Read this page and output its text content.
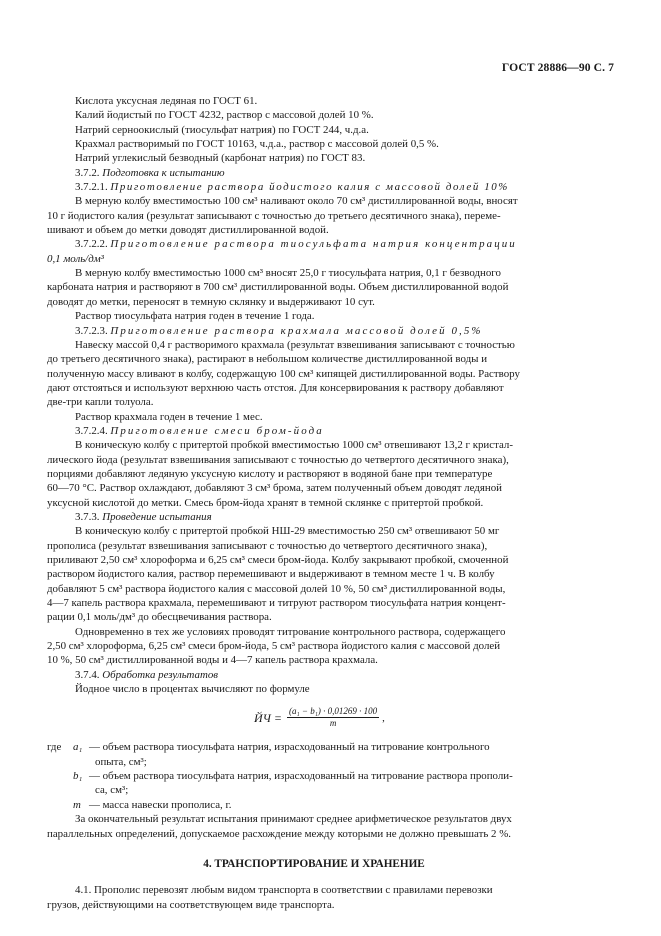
ГОСТ 28886—90 С. 7

Кислота уксусная ледяная по ГОСТ 61.

Калий йодистый по ГОСТ 4232, раствор с массовой долей 10 %.

Натрий серноокислый (тиосульфат натрия) по ГОСТ 244, ч.д.а.

Крахмал растворимый по ГОСТ 10163, ч.д.а., раствор с массовой долей 0,5 %.

Натрий углекислый безводный (карбонат натрия) по ГОСТ 83.

3.7.2. Подготовка к испытанию

3.7.2.1. Приготовление раствора йодистого калия с массовой долей 10%

В мерную колбу вместимостью 100 см³ наливают около 70 см³ дистиллированной воды, вносят

10 г йодистого калия (результат записывают с точностью до третьего десятичного знака), переме-

шивают и объем до метки доводят дистиллированной водой.

3.7.2.2. Приготовление раствора тиосульфата натрия концентрации

0,1 моль/дм³

В мерную колбу вместимостью 1000 см³ вносят 25,0 г тиосульфата натрия, 0,1 г безводного

карбоната натрия и растворяют в 700 см³ дистиллированной воды. Объем дистиллированной водой

доводят до метки, переносят в темную склянку и выдерживают 10 сут.

Раствор тиосульфата натрия годен в течение 1 года.

3.7.2.3. Приготовление раствора крахмала массовой долей 0,5%

Навеску массой 0,4 г растворимого крахмала (результат взвешивания записывают с точностью

до третьего десятичного знака), растирают в небольшом количестве дистиллированной воды и

полученную массу вливают в колбу, содержащую 100 см³ кипящей дистиллированной воды. Раствору

дают отстояться и используют верхнюю часть отстоя. Для консервирования к раствору добавляют

две-три капли толуола.

Раствор крахмала годен в течение 1 мес.

3.7.2.4. Приготовление смеси бром-йода

В коническую колбу с притертой пробкой вместимостью 1000 см³ отвешивают 13,2 г кристал-

лического йода (результат взвешивания записывают с точностью до четвертого десятичного знака),

порциями добавляют ледяную уксусную кислоту и растворяют в водяной бане при температуре

60—70 °С. Раствор охлаждают, добавляют 3 см³ брома, затем полученный объем доводят ледяной

уксусной кислотой до метки. Смесь бром-йода хранят в темной склянке с притертой пробкой.

3.7.3. Проведение испытания

В коническую колбу с притертой пробкой НШ-29 вместимостью 250 см³ отвешивают 50 мг

прополиса (результат взвешивания записывают с точностью до четвертого десятичного знака),

приливают 2,50 см³ хлороформа и 6,25 см³ смеси бром-йода. Колбу закрывают пробкой, смоченной

раствором йодистого калия, раствор перемешивают и выдерживают в темном месте 1 ч. В колбу

добавляют 5 см³ раствора йодистого калия с массовой долей 10 %, 50 см³ дистиллированной воды,

4—7 капель раствора крахмала, перемешивают и титруют раствором тиосульфата натрия концент-

рации 0,1 моль/дм³ до обесцвечивания раствора.

Одновременно в тех же условиях проводят титрование контрольного раствора, содержащего

2,50 см³ хлороформа, 6,25 см³ смеси бром-йода, 5 см³ раствора йодистого калия с массовой долей

10 %, 50 см³ дистиллированной воды и 4—7 капель раствора крахмала.

3.7.4. Обработка результатов

Йодное число в процентах вычисляют по формуле

ЙЧ = $\frac{\text{(a₁ − b₁) · 0,01269 · 100}}{m}$ ,
где	a₁ — объем раствора тиосульфата натрия, израсходованный на титрование контрольного

опыта, см³;

b₁ — объем раствора тиосульфата натрия, израсходованный на титрование раствора прополи-

са, см³;

m — масса навески прополиса, г.

За окончательный результат испытания принимают среднее арифметическое результатов двух

параллельных определений, допускаемое расхождение между которыми не должно превышать 2 %.

4. ТРАНСПОРТИРОВАНИЕ И ХРАНЕНИЕ

4.1. Прополис перевозят любым видом транспорта в соответствии с правилами перевозки

грузов, действующими на соответствующем виде транспорта.
